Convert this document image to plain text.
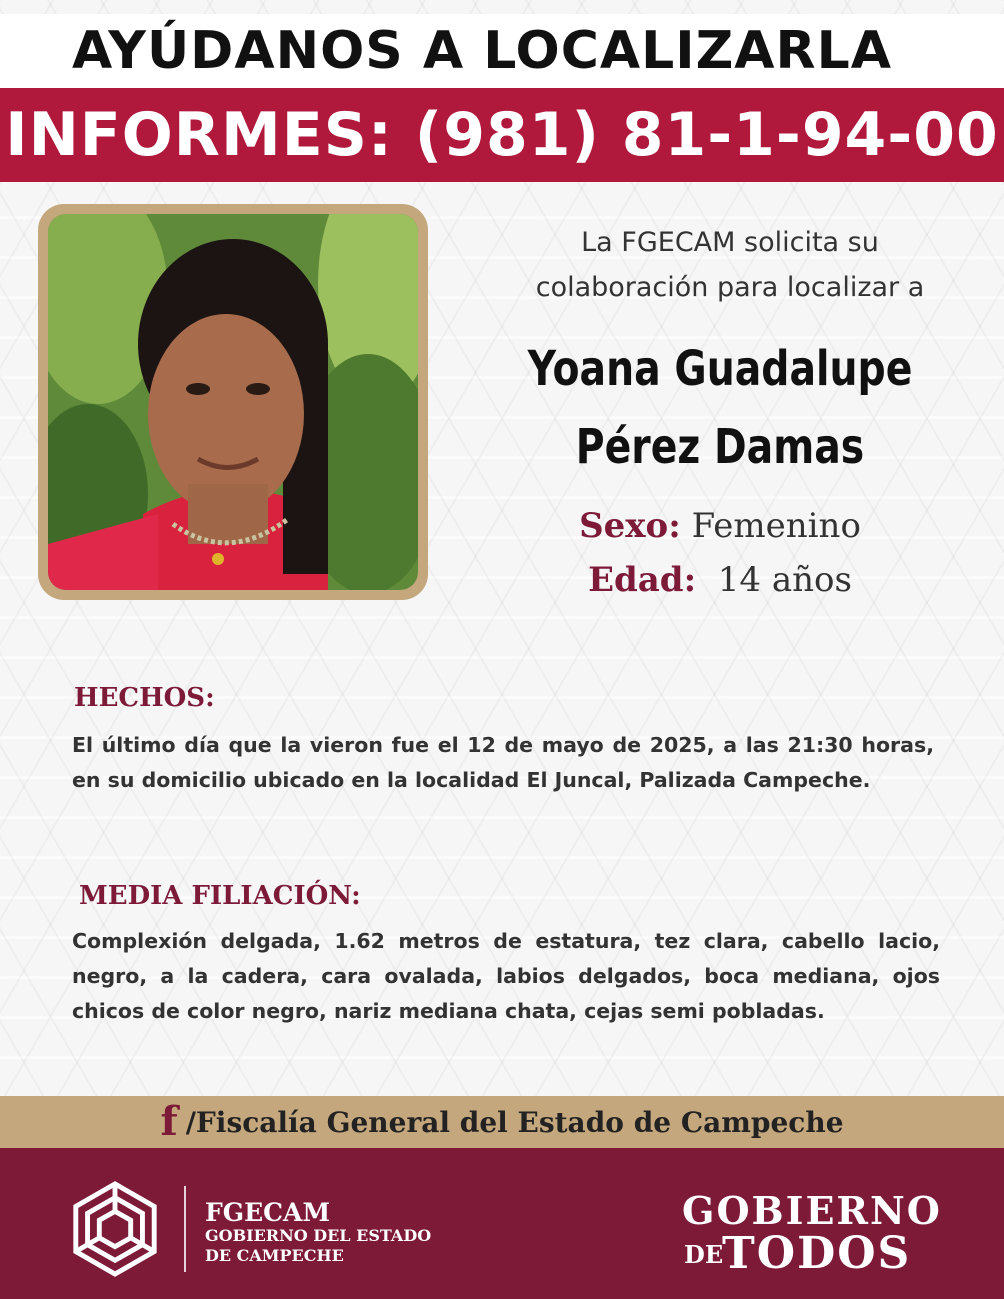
AYÚDANOS A LOCALIZARLA
INFORMES: (981) 81-1-94-00
La FGECAM solicita su
colaboración para localizar a
Yoana Guadalupe
Pérez Damas
Sexo: Femenino
Edad: 14 años
HECHOS:

El último día que la vieron fue el 12 de mayo de 2025, a las 21:30 horas, en su domicilio ubicado en la localidad El Juncal, Palizada Campeche.

MEDIA FILIACIÓN:

Complexión delgada, 1.62 metros de estatura, tez clara, cabello lacio, negro, a la cadera, cara ovalada, labios delgados, boca mediana, ojos chicos de color negro, nariz mediana chata, cejas semi pobladas.

f /Fiscalía General del Estado de Campeche
FGECAM
GOBIERNO DEL ESTADO
DE CAMPECHE
GOBIERNO
DE
TODOS
